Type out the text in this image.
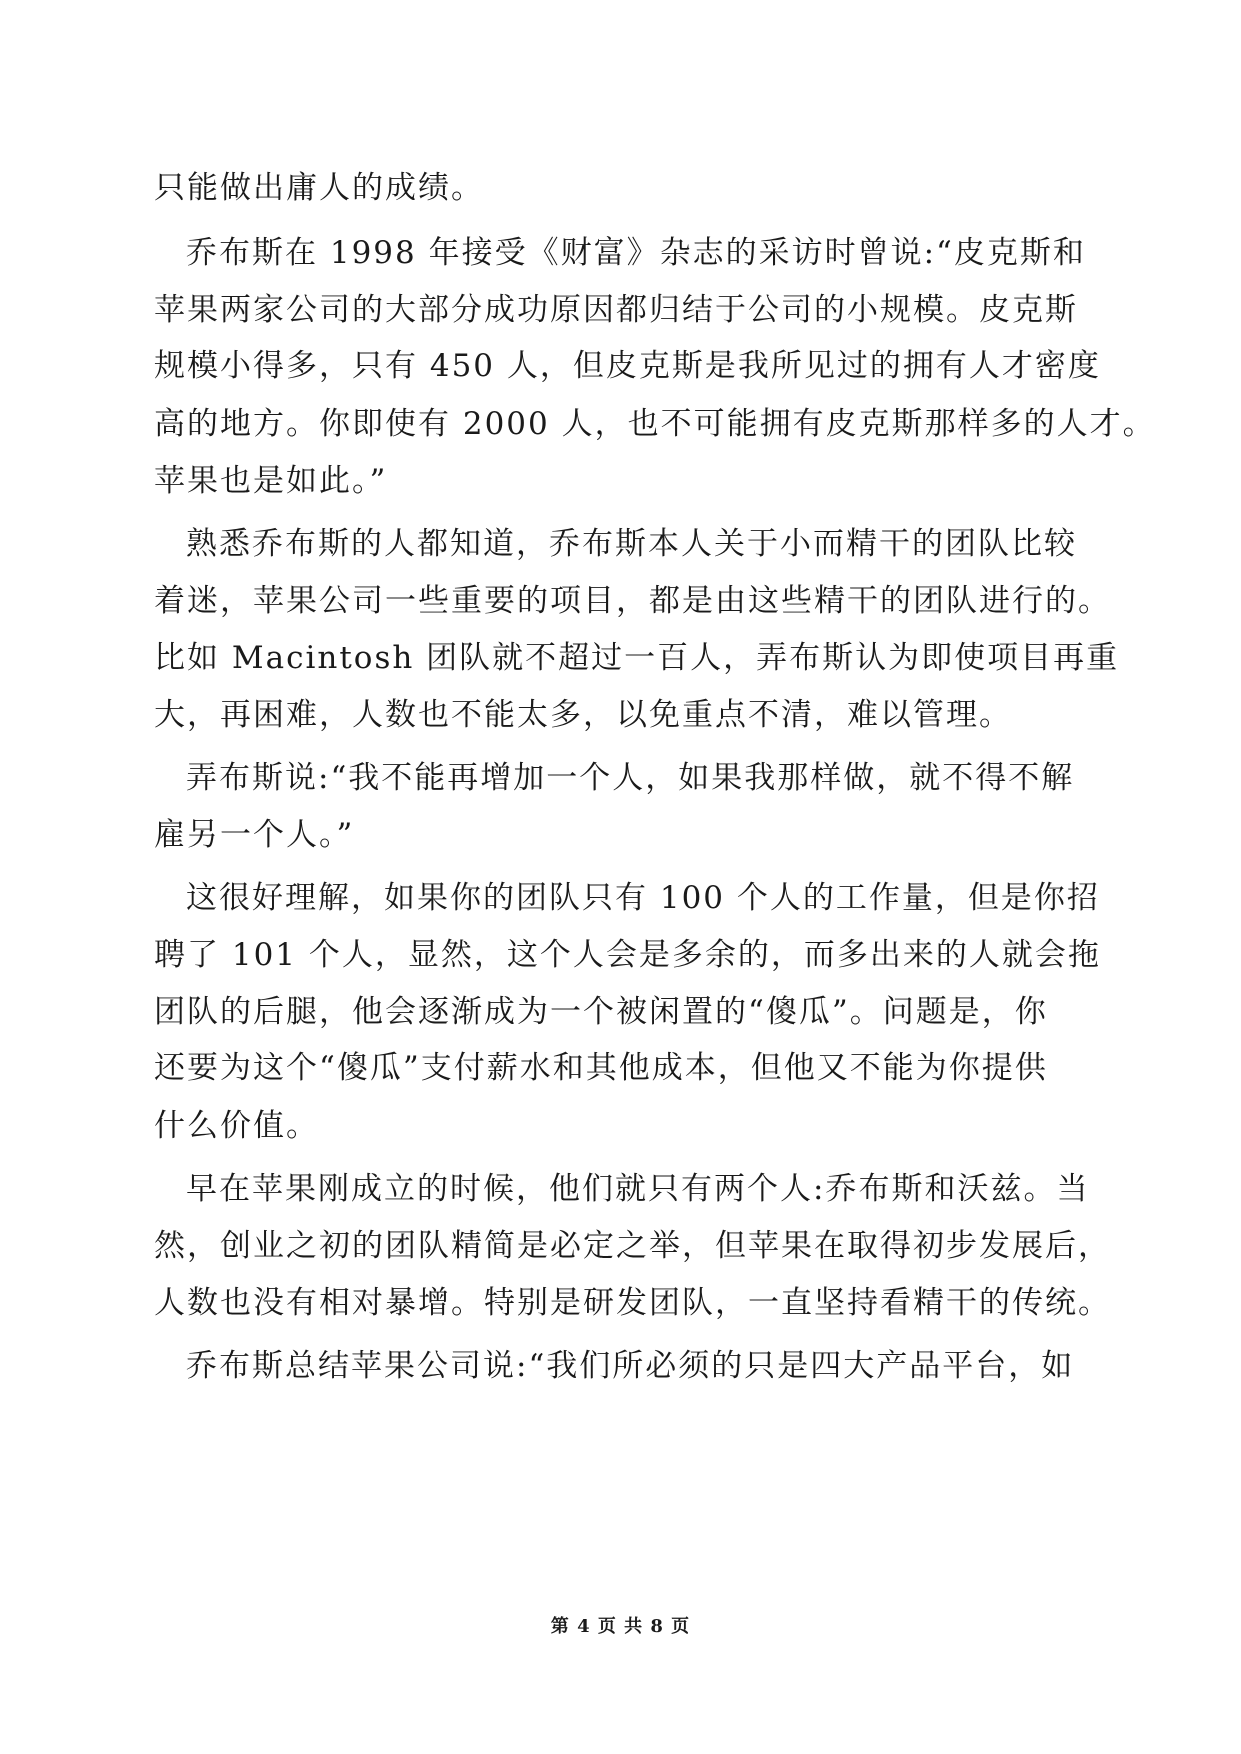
只能做出庸人的成绩。
乔布斯在 1998 年接受《财富》杂志的采访时曾说:“皮克斯和
苹果两家公司的大部分成功原因都归结于公司的小规模。皮克斯
规模小得多，只有 450 人，但皮克斯是我所见过的拥有人才密度
高的地方。你即使有 2000 人，也不可能拥有皮克斯那样多的人才。
苹果也是如此。”
熟悉乔布斯的人都知道，乔布斯本人关于小而精干的团队比较
着迷，苹果公司一些重要的项目，都是由这些精干的团队进行的。
比如 Macintosh 团队就不超过一百人，弄布斯认为即使项目再重
大，再困难，人数也不能太多，以免重点不清，难以管理。
弄布斯说:“我不能再增加一个人，如果我那样做，就不得不解
雇另一个人。”
这很好理解，如果你的团队只有 100 个人的工作量，但是你招
聘了 101 个人，显然，这个人会是多余的，而多出来的人就会拖
团队的后腿，他会逐渐成为一个被闲置的“傻瓜”。问题是，你
还要为这个“傻瓜”支付薪水和其他成本，但他又不能为你提供
什么价值。
早在苹果刚成立的时候，他们就只有两个人:乔布斯和沃兹。当
然，创业之初的团队精简是必定之举，但苹果在取得初步发展后，
人数也没有相对暴增。特别是研发团队，一直坚持看精干的传统。
乔布斯总结苹果公司说:“我们所必须的只是四大产品平台，如
第 4 页 共 8 页
